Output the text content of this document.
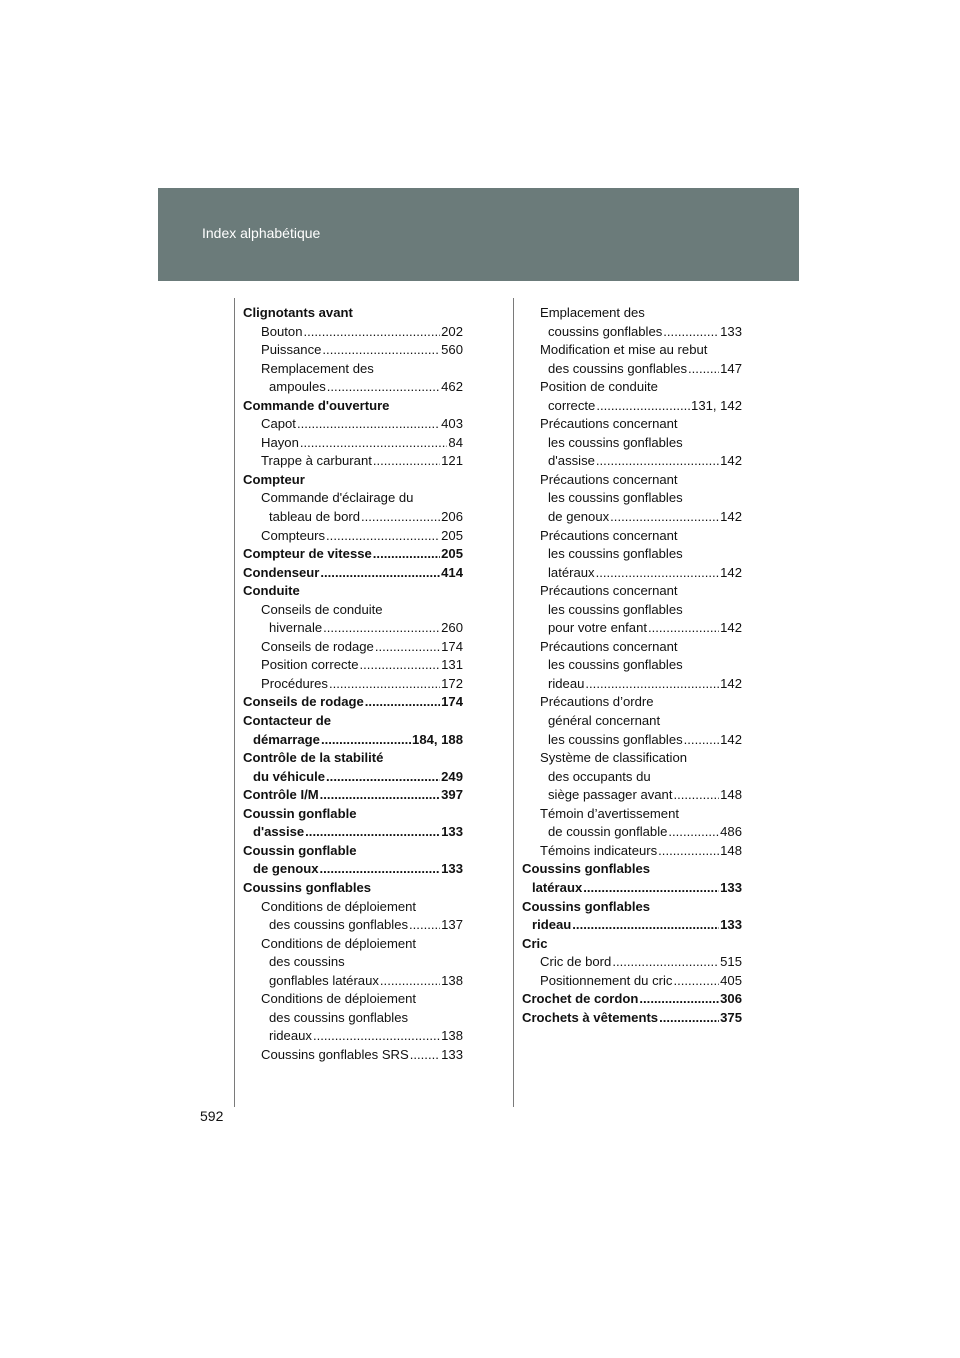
Index alphabétique
Clignotants avant
Bouton .....	202
Puissance .....	560
Remplacement des
ampoules .....	462
Commande d'ouverture
Capot .....	403
Hayon .....	84
Trappe à carburant .....	121
Compteur
Commande d'éclairage du
tableau de bord .....	206
Compteurs .....	205
Compteur de vitesse .....	205
Condenseur .....	414
Conduite
Conseils de conduite
hivernale .....	260
Conseils de rodage .....	174
Position correcte .....	131
Procédures .....	172
Conseils de rodage .....	174
Contacteur de
démarrage .....	184, 188
Contrôle de la stabilité
du véhicule .....	249
Contrôle I/M .....	397
Coussin gonflable
d'assise .....	133
Coussin gonflable
de genoux .....	133
Coussins gonflables
Conditions de déploiement
des coussins gonflables .....	137
Conditions de déploiement
des coussins
gonflables latéraux .....	138
Conditions de déploiement
des coussins gonflables
rideaux .....	138
Coussins gonflables SRS ..... 133
Emplacement des
coussins gonflables .....	133
Modification et mise au rebut
des coussins gonflables .....	147
Position de conduite
correcte .....	131, 142
Précautions concernant
les coussins gonflables
d'assise .....	142
Précautions concernant
les coussins gonflables
de genoux .....	142
Précautions concernant
les coussins gonflables
latéraux .....	142
Précautions concernant
les coussins gonflables
pour votre enfant .....	142
Précautions concernant
les coussins gonflables
rideau .....	142
Précautions d’ordre
général concernant
les coussins gonflables .....	142
Système de classification
des occupants du
siège passager avant .....	148
Témoin d’avertissement
de coussin gonflable .....	486
Témoins indicateurs .....	148
Coussins gonflables
latéraux .....	133
Coussins gonflables
rideau .....	133
Cric
Cric de bord .....	515
Positionnement du cric .....	405
Crochet de cordon .....	306
Crochets à vêtements .....	375
592
